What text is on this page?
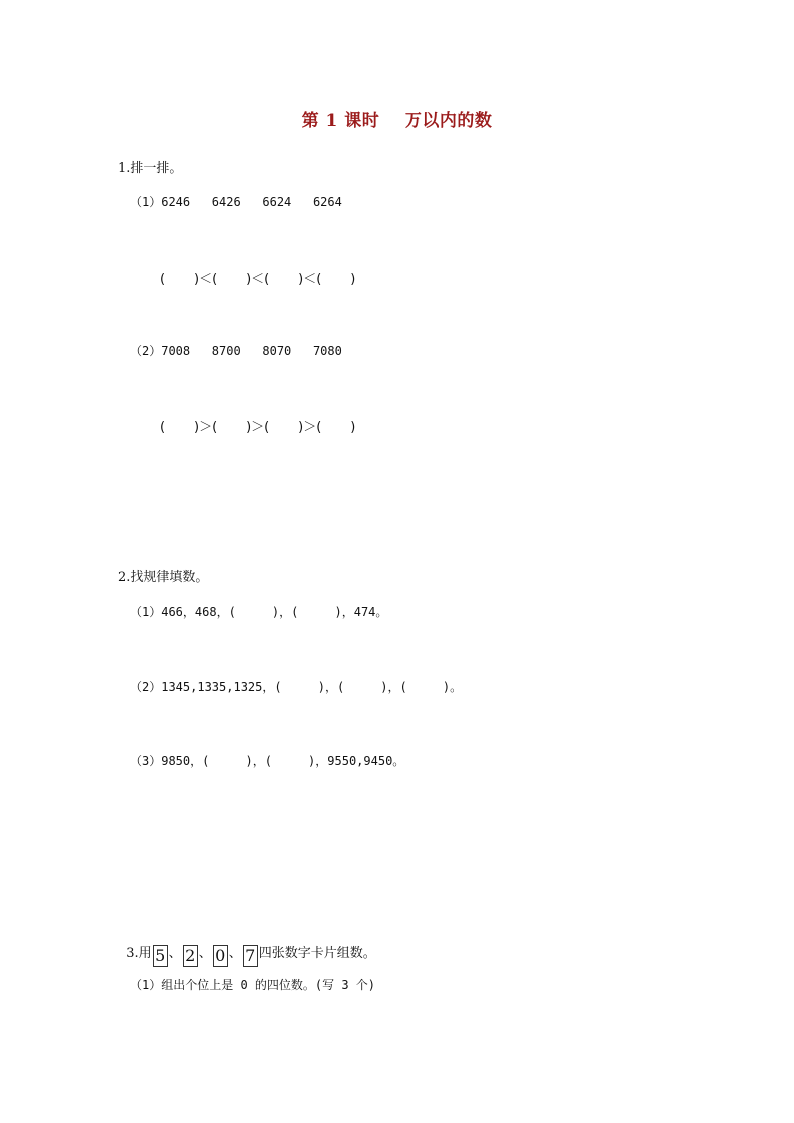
第 1 课时    万以内的数
1.排一排。
（1）6246   6426   6624   6264
(       )＜(       )＜(       )＜(       )
（2）7008   8700   8070   7080
(       )＞(       )＞(       )＞(       )
2.找规律填数。
（1）466，468，(     )，(     )，474。
（2）1345,1335,1325，(     )，(     )，(     )。
（3）9850，(     )，(     )，9550,9450。

3.用 5 、 2 、 0 、 7 四张数字卡片组数。

（1）组出个位上是 0 的四位数。(写 3 个)
